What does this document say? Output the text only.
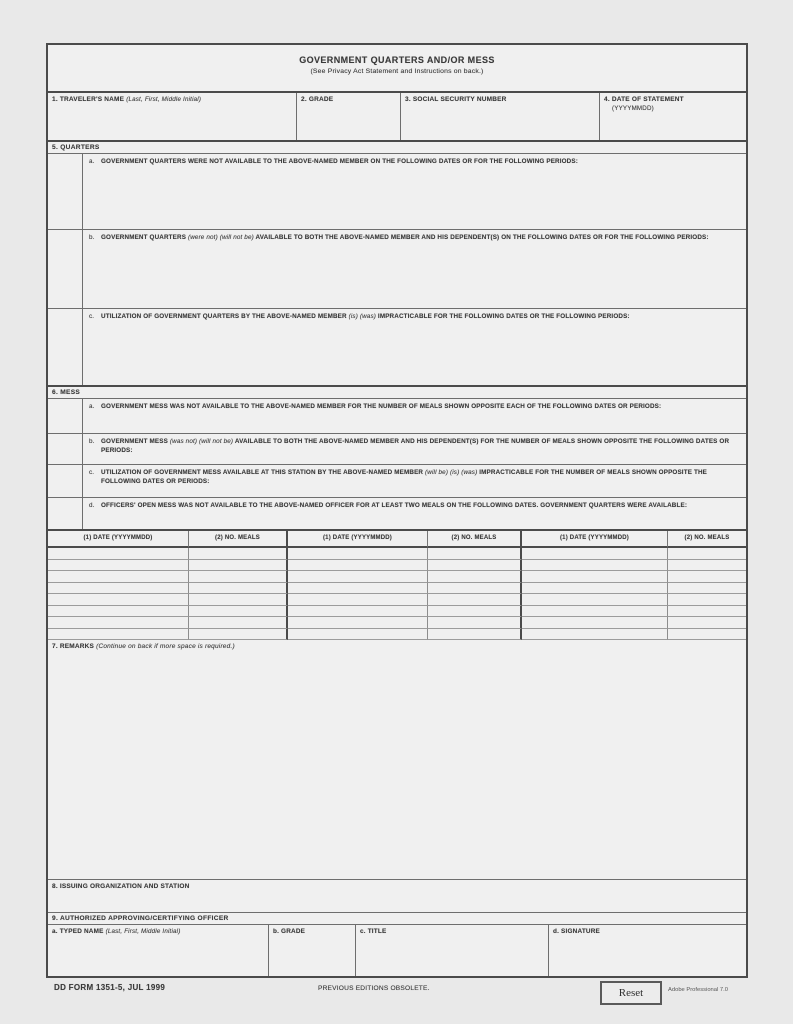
GOVERNMENT QUARTERS AND/OR MESS
(See Privacy Act Statement and Instructions on back.)
1. TRAVELER'S NAME (Last, First, Middle Initial)	2. GRADE	3. SOCIAL SECURITY NUMBER	4. DATE OF STATEMENT
(YYYYMMDD)
5. QUARTERS
a.	GOVERNMENT QUARTERS WERE NOT AVAILABLE TO THE ABOVE-NAMED MEMBER ON THE FOLLOWING DATES OR FOR THE FOLLOWING PERIODS:
b.	GOVERNMENT QUARTERS (were not) (will not be) AVAILABLE TO BOTH THE ABOVE-NAMED MEMBER AND HIS DEPENDENT(S) ON THE FOLLOWING DATES OR FOR THE FOLLOWING PERIODS:
c.	UTILIZATION OF GOVERNMENT QUARTERS BY THE ABOVE-NAMED MEMBER (is) (was) IMPRACTICABLE FOR THE FOLLOWING DATES OR THE FOLLOWING PERIODS:
6. MESS
a.	GOVERNMENT MESS WAS NOT AVAILABLE TO THE ABOVE-NAMED MEMBER FOR THE NUMBER OF MEALS SHOWN OPPOSITE EACH OF THE FOLLOWING DATES OR PERIODS:
b.	GOVERNMENT MESS (was not) (will not be) AVAILABLE TO BOTH THE ABOVE-NAMED MEMBER AND HIS DEPENDENT(S) FOR THE NUMBER OF MEALS SHOWN OPPOSITE THE FOLLOWING DATES OR PERIODS:
c.	UTILIZATION OF GOVERNMENT MESS AVAILABLE AT THIS STATION BY THE ABOVE-NAMED MEMBER (will be) (is) (was) IMPRACTICABLE FOR THE NUMBER OF MEALS SHOWN OPPOSITE THE FOLLOWING DATES OR PERIODS:
d.	OFFICERS' OPEN MESS WAS NOT AVAILABLE TO THE ABOVE-NAMED OFFICER FOR AT LEAST TWO MEALS ON THE FOLLOWING DATES. GOVERNMENT QUARTERS WERE AVAILABLE:
(1) DATE (YYYYMMDD)	(2) NO. MEALS	(1) DATE (YYYYMMDD)	(2) NO. MEALS	(1) DATE (YYYYMMDD)	(2) NO. MEALS
7. REMARKS (Continue on back if more space is required.)
8. ISSUING ORGANIZATION AND STATION
9. AUTHORIZED APPROVING/CERTIFYING OFFICER
a. TYPED NAME (Last, First, Middle Initial)	b. GRADE	c. TITLE	d. SIGNATURE
DD FORM 1351-5, JUL 1999	PREVIOUS EDITIONS OBSOLETE.	Reset	Adobe Professional 7.0
